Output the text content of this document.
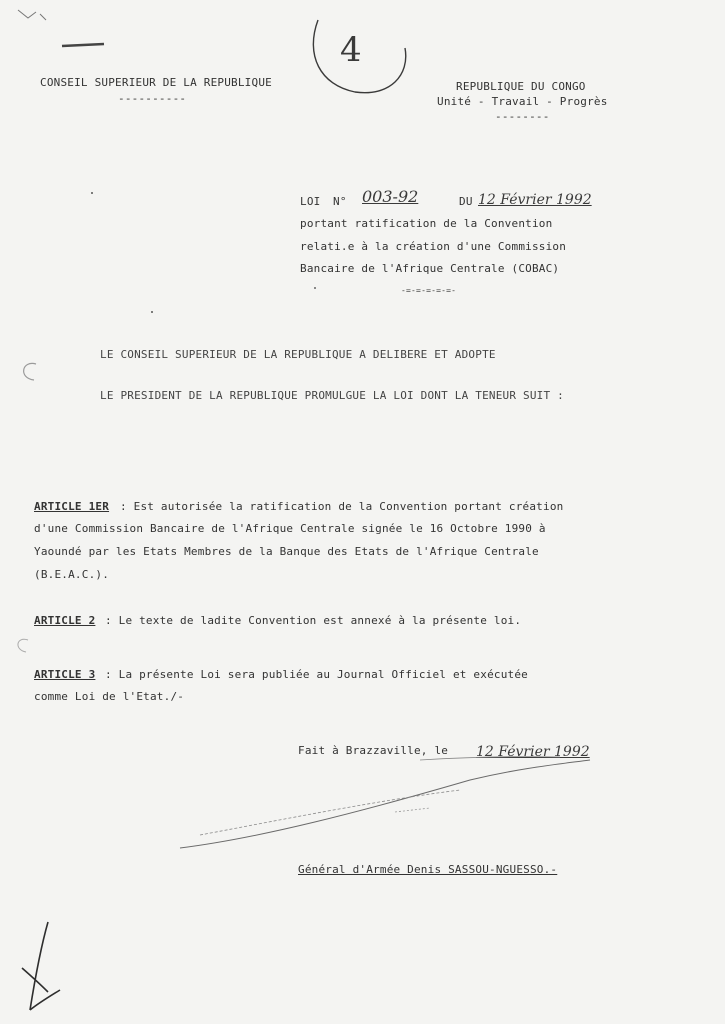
CONSEIL SUPERIEUR DE LA REPUBLIQUE
----------
REPUBLIQUE DU CONGO
Unité - Travail - Progrès
--------
4
LOI N° 003-92	DU 12 Février 1992
portant ratification de la Convention
relati.e à la création d'une Commission
Bancaire de l'Afrique Centrale (COBAC)
-=-=-=-=-=-
LE CONSEIL SUPERIEUR DE LA REPUBLIQUE A DELIBERE ET ADOPTE
LE PRESIDENT DE LA REPUBLIQUE PROMULGUE LA LOI DONT LA TENEUR SUIT :
ARTICLE 1ER : Est autorisée la ratification de la Convention portant création
d'une Commission Bancaire de l'Afrique Centrale signée le 16 Octobre 1990 à
Yaoundé par les Etats Membres de la Banque des Etats de l'Afrique Centrale
(B.E.A.C.).
ARTICLE 2 : Le texte de ladite Convention est annexé à la présente loi.
ARTICLE 3 : La présente Loi sera publiée au Journal Officiel et exécutée
comme Loi de l'Etat./-
Fait à Brazzaville, le 12 Février 1992
Général d'Armée Denis SASSOU-NGUESSO.-
